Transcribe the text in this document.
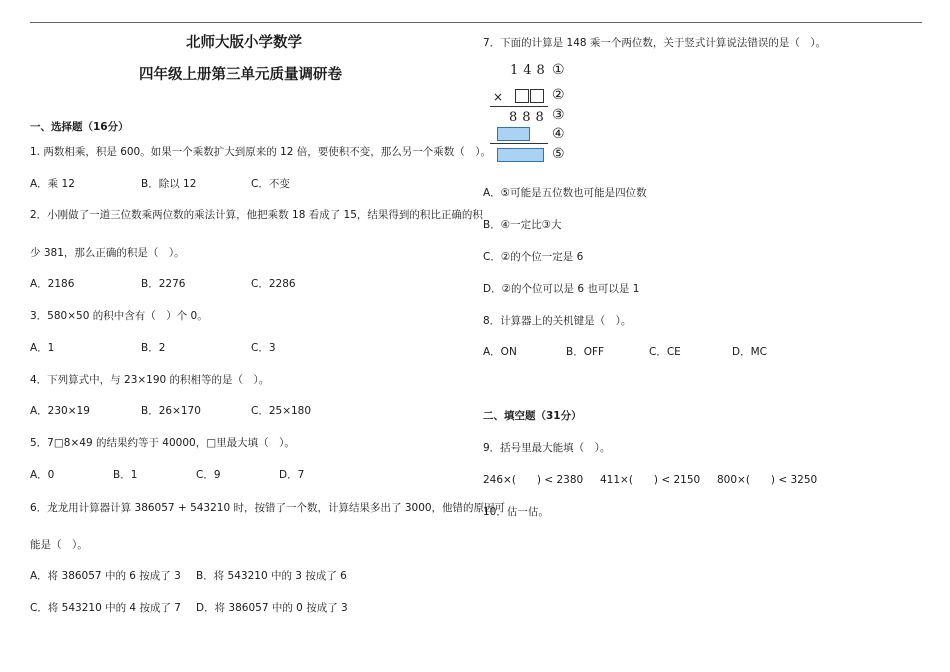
北师大版小学数学
四年级上册第三单元质量调研卷
一、选择题（16分）
1. 两数相乘，积是 600。如果一个乘数扩大到原来的 12 倍，要使积不变，那么另一个乘数（　）。
A．乘 12	B．除以 12	C．不变
2．小刚做了一道三位数乘两位数的乘法计算，他把乘数 18 看成了 15，结果得到的积比正确的积
少 381，那么正确的积是（　）。
A．2186	B．2276	C．2286
3．580×50 的积中含有（　）个 0。
A．1	B．2	C．3
4．下列算式中，与 23×190 的积相等的是（　）。
A．230×19	B．26×170	C．25×180
5．7□8×49 的结果约等于 40000，□里最大填（　）。
A．0	B．1	C．9	D．7
6．龙龙用计算器计算 386057 + 543210 时，按错了一个数，计算结果多出了 3000，他错的原因可
能是（　）。
A．将 386057 中的 6 按成了 3 B．将 543210 中的 3 按成了 6
C．将 543210 中的 4 按成了 7 D．将 386057 中的 0 按成了 3
7．下面的计算是 148 乘一个两位数，关于竖式计算说法错误的是（　）。
148 ①
×	②
888 ③
④
⑤
A．⑤可能是五位数也可能是四位数
B．④一定比③大
C．②的个位一定是 6
D．②的个位可以是 6 也可以是 1
8．计算器上的关机键是（　）。
A．ON	B．OFF	C．CE	D．MC
二、填空题（31分）
9．括号里最大能填（　）。
246×(　　) < 2380 411×(　　) < 2150 800×(　　) < 3250
10．估一估。
